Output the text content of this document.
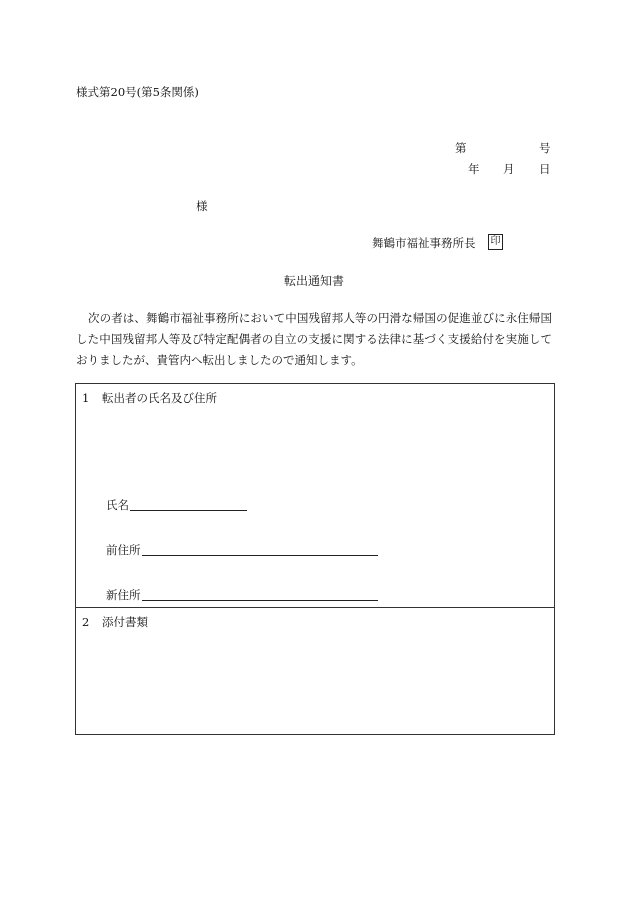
様式第20号(第5条関係)
第	号
年 月 日
様
舞鶴市福祉事務所長 印
転出通知書
次の者は、舞鶴市福祉事務所において中国残留邦人等の円滑な帰国の促進並びに永住帰国した中国残留邦人等及び特定配偶者の自立の支援に関する法律に基づく支援給付を実施しておりましたが、貴管内へ転出しましたので通知します。
1 転出者の氏名及び住所
氏名
前住所
新住所
2 添付書類
